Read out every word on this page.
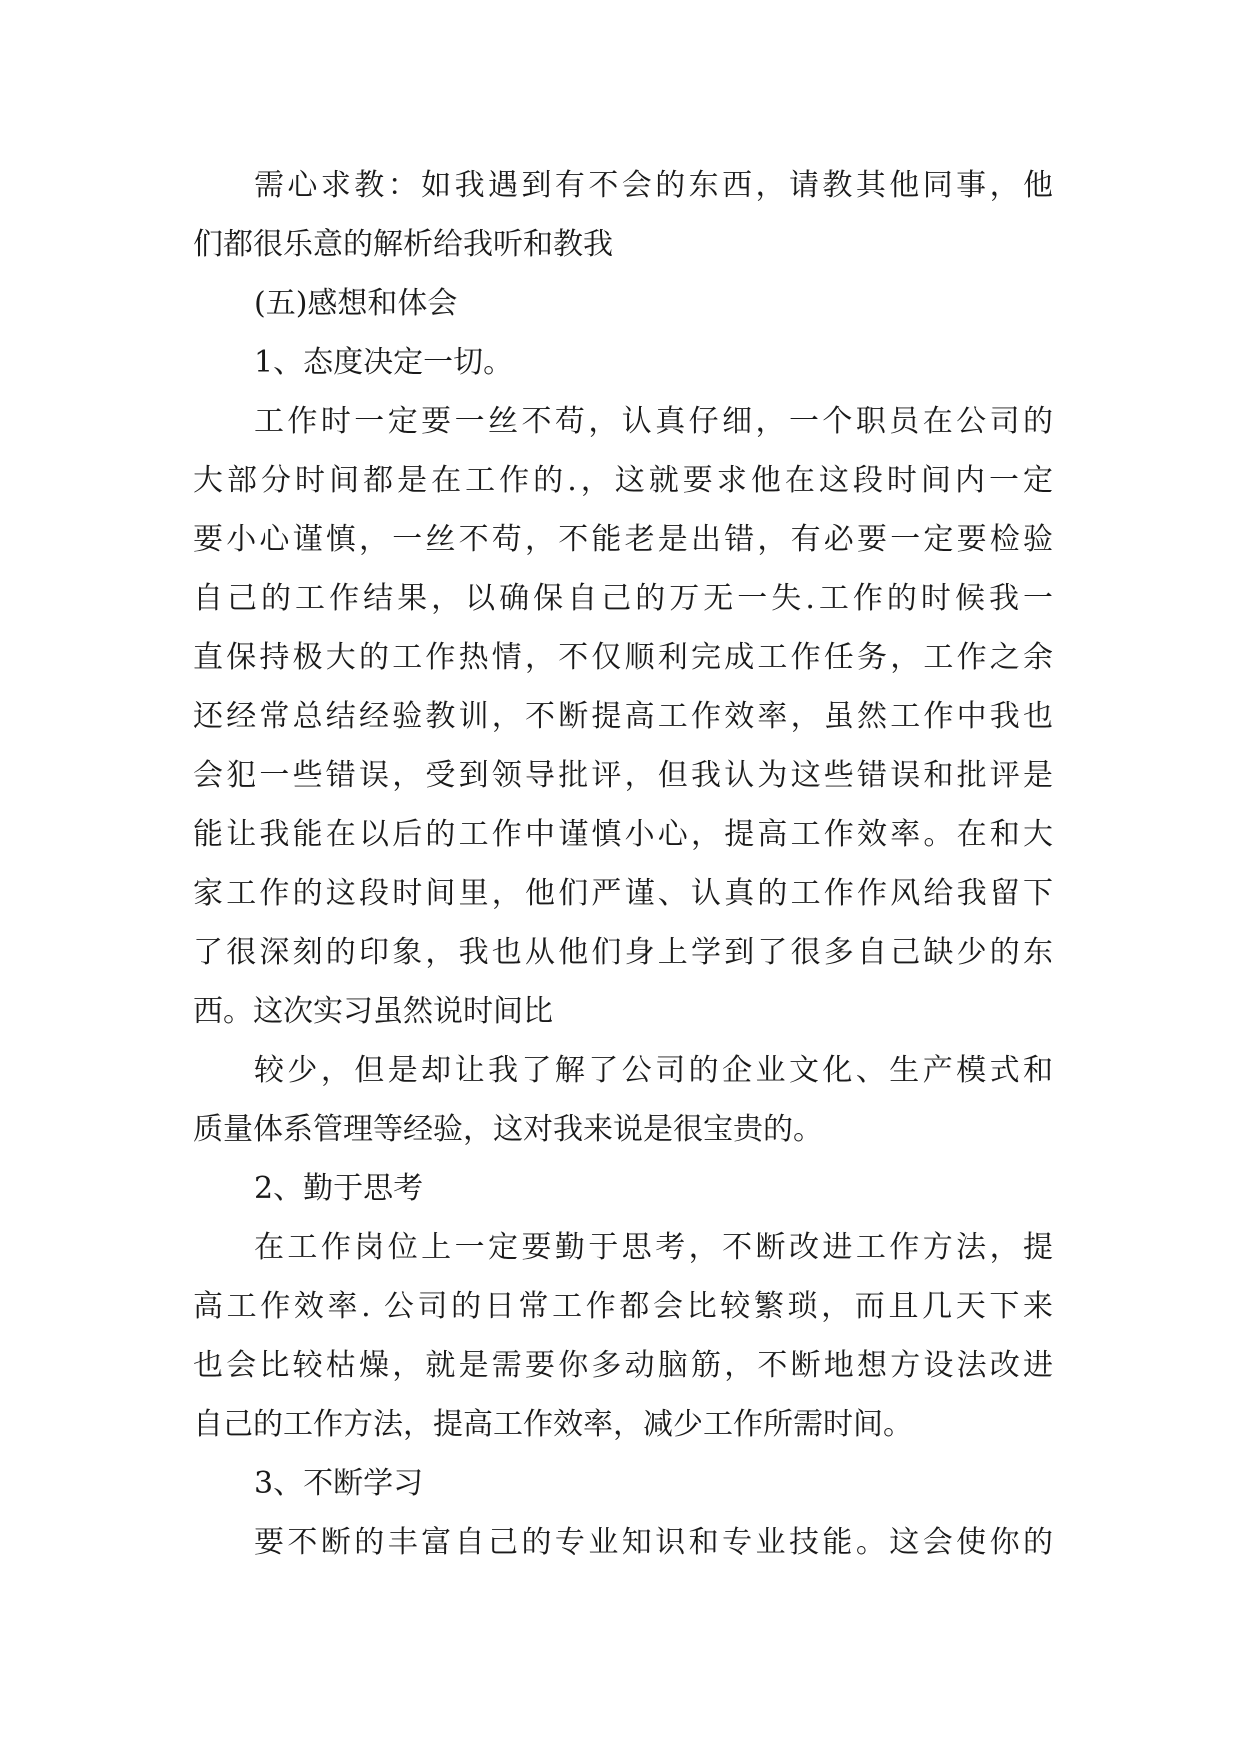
需心求教：如我遇到有不会的东西，请教其他同事，他
们都很乐意的解析给我听和教我
(五)感想和体会
1、态度决定一切。
工作时一定要一丝不苟，认真仔细，一个职员在公司的
大部分时间都是在工作的.，这就要求他在这段时间内一定
要小心谨慎，一丝不苟，不能老是出错，有必要一定要检验
自己的工作结果，以确保自己的万无一失.工作的时候我一
直保持极大的工作热情，不仅顺利完成工作任务，工作之余
还经常总结经验教训，不断提高工作效率，虽然工作中我也
会犯一些错误，受到领导批评，但我认为这些错误和批评是
能让我能在以后的工作中谨慎小心，提高工作效率。在和大
家工作的这段时间里，他们严谨、认真的工作作风给我留下
了很深刻的印象，我也从他们身上学到了很多自己缺少的东
西。这次实习虽然说时间比
较少，但是却让我了解了公司的企业文化、生产模式和
质量体系管理等经验，这对我来说是很宝贵的。
2、勤于思考
在工作岗位上一定要勤于思考，不断改进工作方法，提
高工作效率. 公司的日常工作都会比较繁琐，而且几天下来
也会比较枯燥，就是需要你多动脑筋，不断地想方设法改进
自己的工作方法，提高工作效率，减少工作所需时间。
3、不断学习
要不断的丰富自己的专业知识和专业技能。这会使你的
